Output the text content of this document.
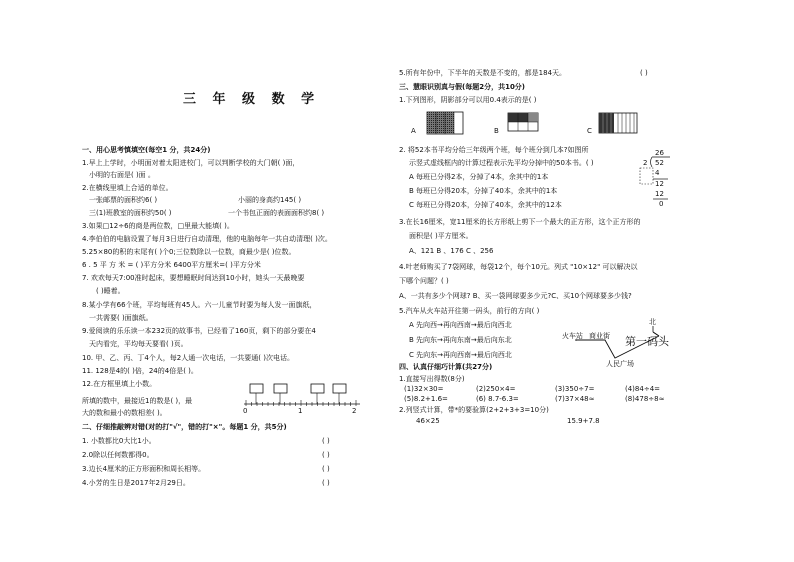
三 年 级 数 学
一、用心思考慎填空(每空1 分，共24分)
1.早上上学时，小明面对着太阳进校门，可以判断学校的大门朝( )面，
小明的右面是( )面 。
2.在横线里填上合适的单位。
一张邮票的面积约6( )	小丽的身高约145( )
三(1)班教室的面积约50( )	一个书包正面的表面面积约8( )
3.如果□12÷6的商是两位数，□里最大能填( )。
4.李伯伯的电脑设置了每月3日进行自动清理，他的电脑每年一共自动清理( )次。
5.25×80的积的末尾有( )个0;三位数除以一位数，商最少是( )位数。
6 . 5 平 方 米 = ( )平方分米 6400平方厘米=( )平方分米
7. 欢欢每天7:00准时起床，要想睡眠时间达到10小时，她头一天最晚要
( )睡着。
8.某小学有66个班，平均每班有45人。六一儿童节时要为每人发一面旗纸，
一共需要( )面旗纸。
9.爱阅读的乐乐读一本232页的故事书，已经看了160页，剩下的部分要在4
天内看完，平均每天要看( )页。
10. 甲、乙、丙、丁4个人，每2人通一次电话，一共要通( )次电话。
11. 128是4的( )倍，24的4倍是( )。
12.在方框里填上小数。
所填的数中，最接近1的数是( )，最
大的数和最小的数相差( )。	0	1	2
二、仔细推敲辨对错(对的打"√"，错的打"×"。每题1 分，共5分)
1. 小数都比0大比1小。	( )
2.0除以任何数都得0。	( )
3.边长4厘米的正方形面积和周长相等。	( )
4.小芳的生日是2017年2月29日。	( )
5.所有年份中，下半年的天数是不变的，都是184天。	( )
三、慧眼识别真与假(每题2分，共10分)
1.下列图形，阴影部分可以用0.4表示的是( )
A	B	C
2. 将52本书平均分给三年级两个班，每个班分到几本?如图所
示竖式虚线框内的计算过程表示先平均分掉中的50本书。( )
A 每班已分得2本，分掉了4本，余其中的1本
B 每班已分得20本，分掉了40本，余其中的1本
C 每班已分得20本，分掉了40本，余其中的12本
26
2 52
4
12
12
0
3.在长16厘米，宽11厘米的长方形纸上剪下一个最大的正方形，这个正方形的
面积是( )平方厘米。
A、121 B 、176 C 、256
4.叶老师购买了7袋网球，每袋12个，每个10元。列式 "10×12" 可以解决以
下哪个问题？( )
A、一共有多少个网球? B、买一袋网球要多少元?C、买10个网球要多少钱?
5.汽车从火车站开往第一码头，前行的方向( )
A 先向西→再向西南→最后向西北
B 先向东→再向东南→最后向东北
C 先向东→再向西南→最后向西北
北
火车站 商业街 第一码头
人民广场
四、认真仔细巧计算(共27分)
1.直接写出得数(8分)
(1)32×30=	(2)250×4=	(3)350÷7=	(4)84÷4=
(5)8.2+1.6=	(6) 8.7-6.3=	(7)37×48≈	(8)478÷8≈
2.列竖式计算，带*的要验算(2+2+3+3=10分)
46×25	15.9+7.8
